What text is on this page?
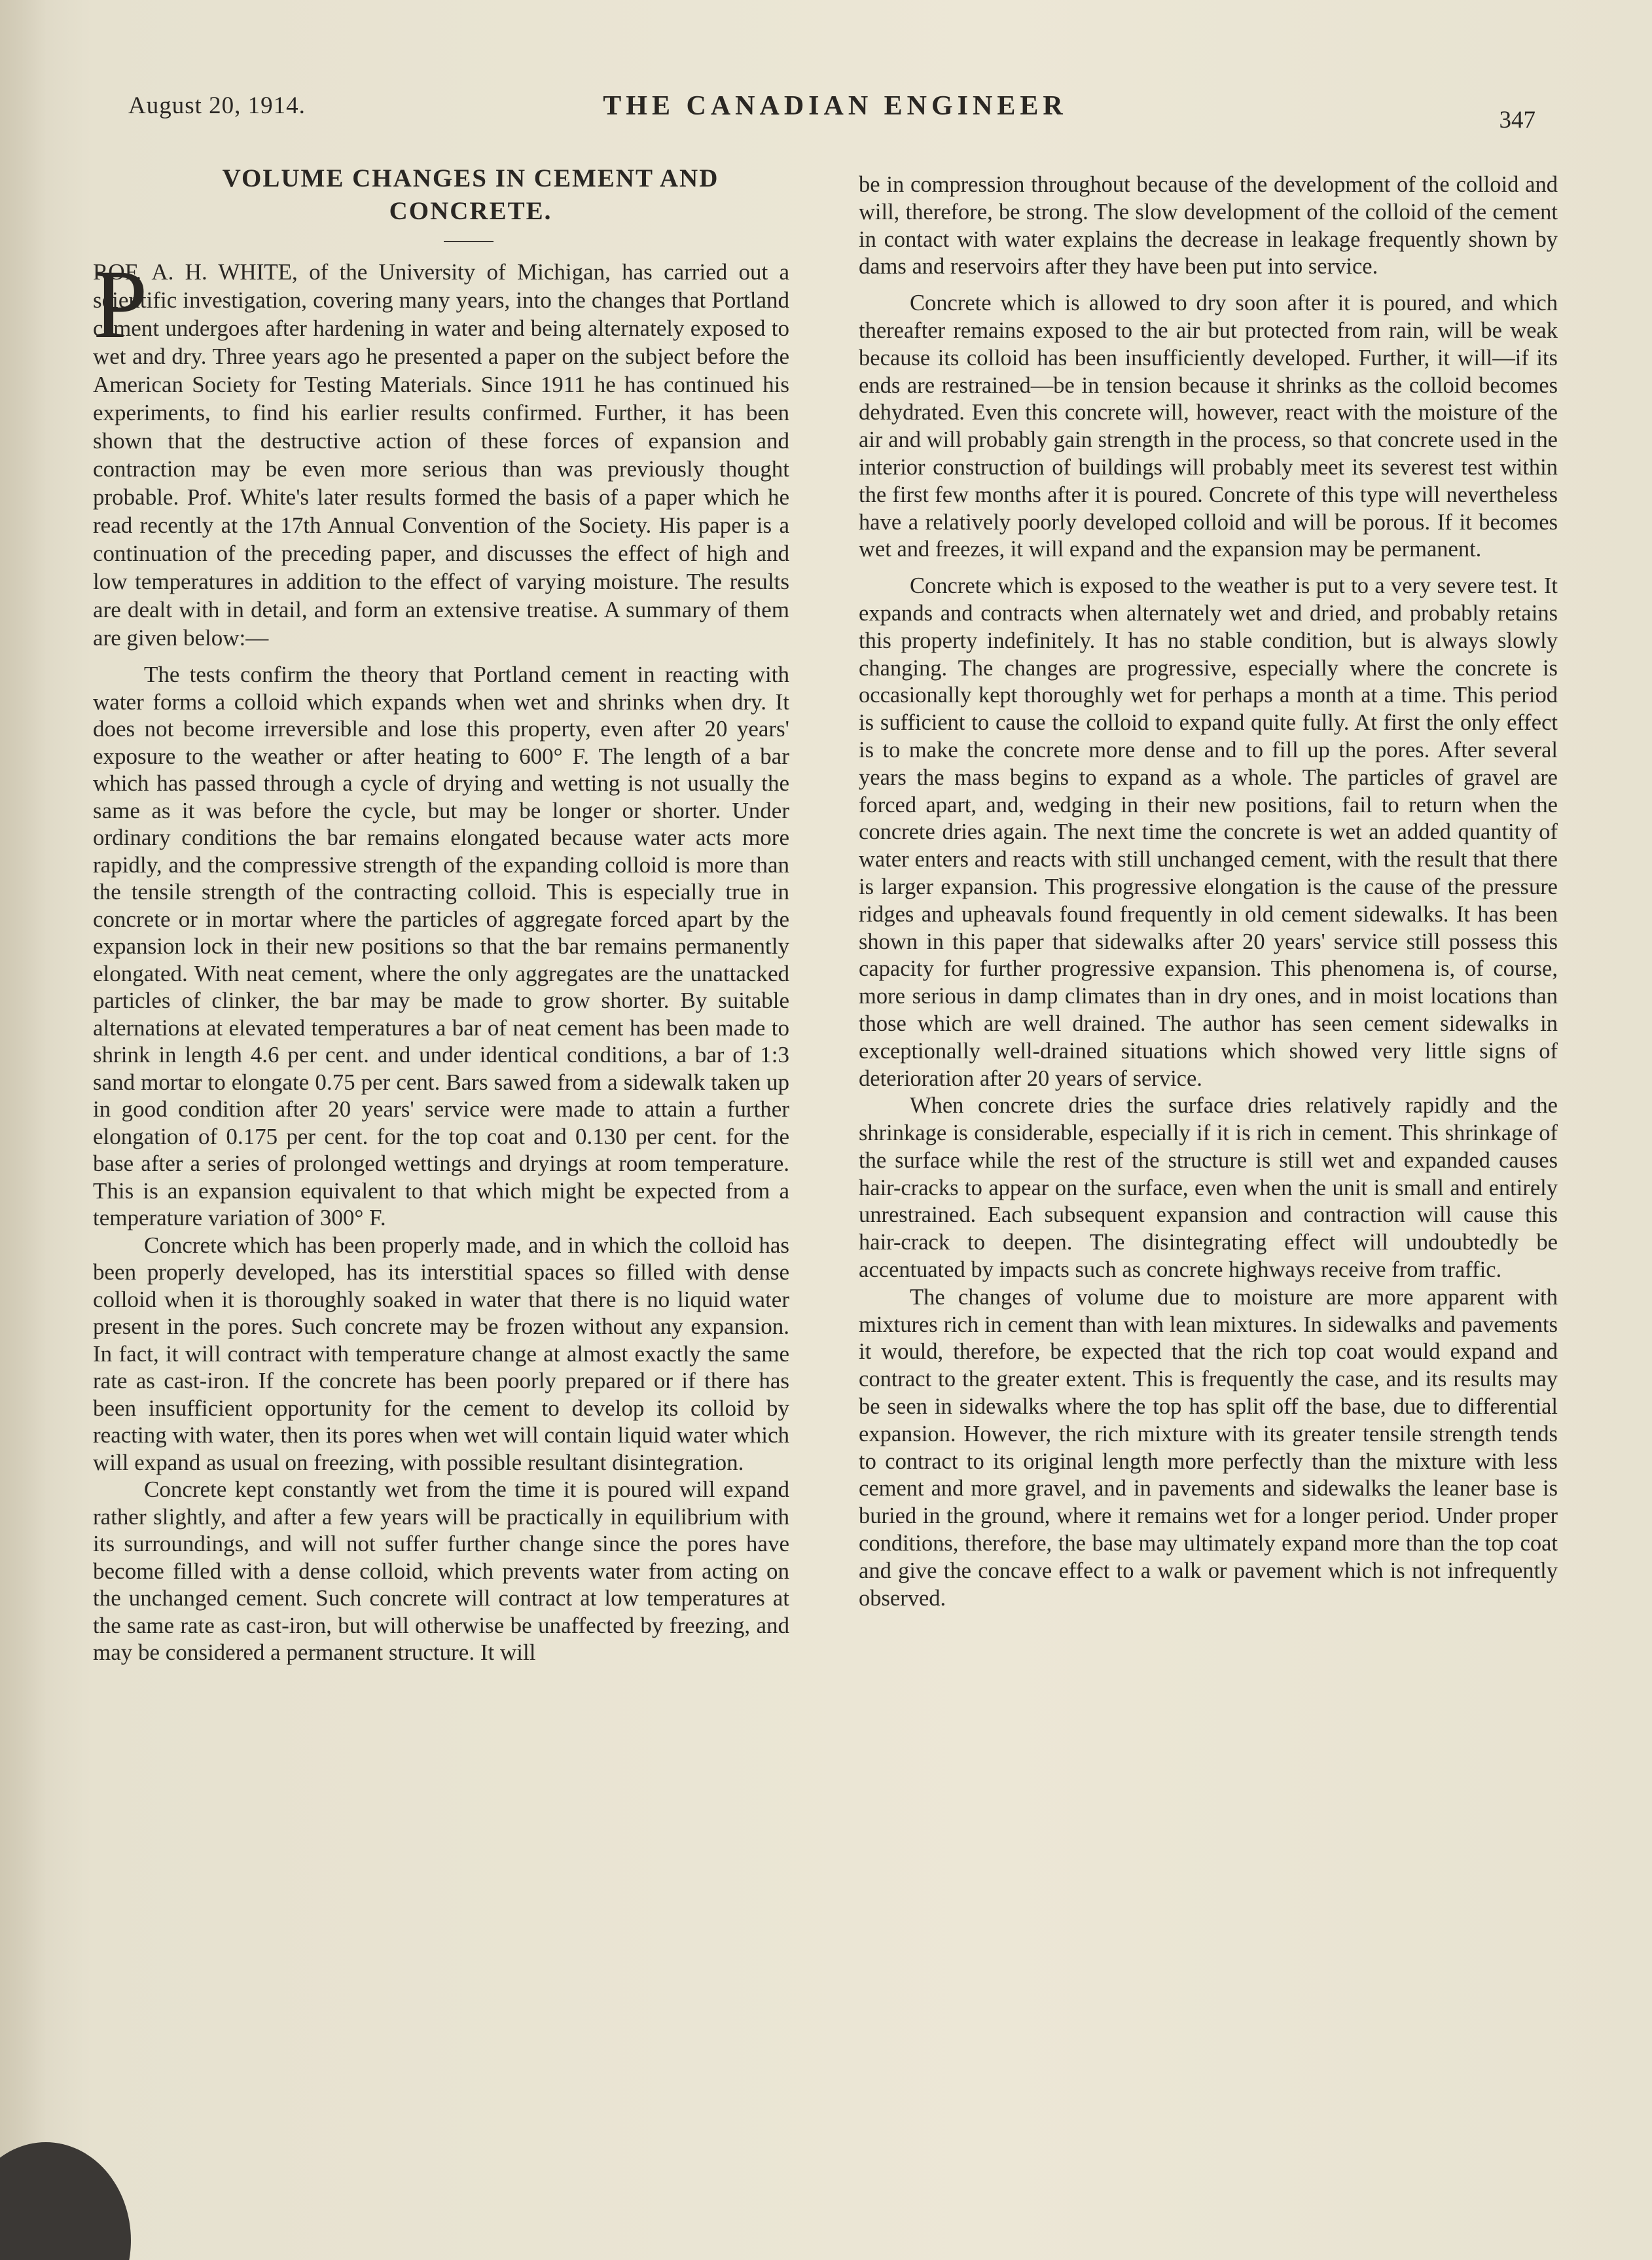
August 20, 1914.	THE CANADIAN ENGINEER	347
VOLUME CHANGES IN CEMENT AND CONCRETE.
P

ROF. A. H. WHITE, of the University of Michigan, has carried out a scientific investigation, covering many years, into the changes that Portland cement undergoes after hardening in water and being alternately exposed to wet and dry. Three years ago he presented a paper on the subject before the American Society for Testing Materials. Since 1911 he has continued his experiments, to find his earlier results confirmed. Further, it has been shown that the destructive action of these forces of expansion and contraction may be even more serious than was previously thought probable. Prof. White's later results formed the basis of a paper which he read recently at the 17th Annual Convention of the Society. His paper is a continuation of the preceding paper, and discusses the effect of high and low temperatures in addition to the effect of varying moisture. The results are dealt with in detail, and form an extensive treatise. A summary of them are given below:—

The tests confirm the theory that Portland cement in reacting with water forms a colloid which expands when wet and shrinks when dry. It does not become irreversible and lose this property, even after 20 years' exposure to the weather or after heating to 600° F. The length of a bar which has passed through a cycle of drying and wetting is not usually the same as it was before the cycle, but may be longer or shorter. Under ordinary conditions the bar remains elongated because water acts more rapidly, and the compressive strength of the expanding colloid is more than the tensile strength of the contracting colloid. This is especially true in concrete or in mortar where the particles of aggregate forced apart by the expansion lock in their new positions so that the bar remains permanently elongated. With neat cement, where the only aggregates are the unattacked particles of clinker, the bar may be made to grow shorter. By suitable alternations at elevated temperatures a bar of neat cement has been made to shrink in length 4.6 per cent. and under identical conditions, a bar of 1:3 sand mortar to elongate 0.75 per cent. Bars sawed from a sidewalk taken up in good condition after 20 years' service were made to attain a further elongation of 0.175 per cent. for the top coat and 0.130 per cent. for the base after a series of prolonged wettings and dryings at room temperature. This is an expansion equivalent to that which might be expected from a temperature variation of 300° F.

Concrete which has been properly made, and in which the colloid has been properly developed, has its interstitial spaces so filled with dense colloid when it is thoroughly soaked in water that there is no liquid water present in the pores. Such concrete may be frozen without any expansion. In fact, it will contract with temperature change at almost exactly the same rate as cast-iron. If the concrete has been poorly prepared or if there has been insufficient opportunity for the cement to develop its colloid by reacting with water, then its pores when wet will contain liquid water which will expand as usual on freezing, with possible resultant disintegration.

Concrete kept constantly wet from the time it is poured will expand rather slightly, and after a few years will be practically in equilibrium with its surroundings, and will not suffer further change since the pores have become filled with a dense colloid, which prevents water from acting on the unchanged cement. Such concrete will contract at low temperatures at the same rate as cast-iron, but will otherwise be unaffected by freezing, and may be considered a permanent structure. It will

be in compression throughout because of the development of the colloid and will, therefore, be strong. The slow development of the colloid of the cement in contact with water explains the decrease in leakage frequently shown by dams and reservoirs after they have been put into service.

Concrete which is allowed to dry soon after it is poured, and which thereafter remains exposed to the air but protected from rain, will be weak because its colloid has been insufficiently developed. Further, it will—if its ends are restrained—be in tension because it shrinks as the colloid becomes dehydrated. Even this concrete will, however, react with the moisture of the air and will probably gain strength in the process, so that concrete used in the interior construction of buildings will probably meet its severest test within the first few months after it is poured. Concrete of this type will nevertheless have a relatively poorly developed colloid and will be porous. If it becomes wet and freezes, it will expand and the expansion may be permanent.

Concrete which is exposed to the weather is put to a very severe test. It expands and contracts when alternately wet and dried, and probably retains this property indefinitely. It has no stable condition, but is always slowly changing. The changes are progressive, especially where the concrete is occasionally kept thoroughly wet for perhaps a month at a time. This period is sufficient to cause the colloid to expand quite fully. At first the only effect is to make the concrete more dense and to fill up the pores. After several years the mass begins to expand as a whole. The particles of gravel are forced apart, and, wedging in their new positions, fail to return when the concrete dries again. The next time the concrete is wet an added quantity of water enters and reacts with still unchanged cement, with the result that there is larger expansion. This progressive elongation is the cause of the pressure ridges and upheavals found frequently in old cement sidewalks. It has been shown in this paper that sidewalks after 20 years' service still possess this capacity for further progressive expansion. This phenomena is, of course, more serious in damp climates than in dry ones, and in moist locations than those which are well drained. The author has seen cement sidewalks in exceptionally well-drained situations which showed very little signs of deterioration after 20 years of service.

When concrete dries the surface dries relatively rapidly and the shrinkage is considerable, especially if it is rich in cement. This shrinkage of the surface while the rest of the structure is still wet and expanded causes hair-cracks to appear on the surface, even when the unit is small and entirely unrestrained. Each subsequent expansion and contraction will cause this hair-crack to deepen. The disintegrating effect will undoubtedly be accentuated by impacts such as concrete highways receive from traffic.

The changes of volume due to moisture are more apparent with mixtures rich in cement than with lean mixtures. In sidewalks and pavements it would, therefore, be expected that the rich top coat would expand and contract to the greater extent. This is frequently the case, and its results may be seen in sidewalks where the top has split off the base, due to differential expansion. However, the rich mixture with its greater tensile strength tends to contract to its original length more perfectly than the mixture with less cement and more gravel, and in pavements and sidewalks the leaner base is buried in the ground, where it remains wet for a longer period. Under proper conditions, therefore, the base may ultimately expand more than the top coat and give the concave effect to a walk or pavement which is not infrequently observed.
